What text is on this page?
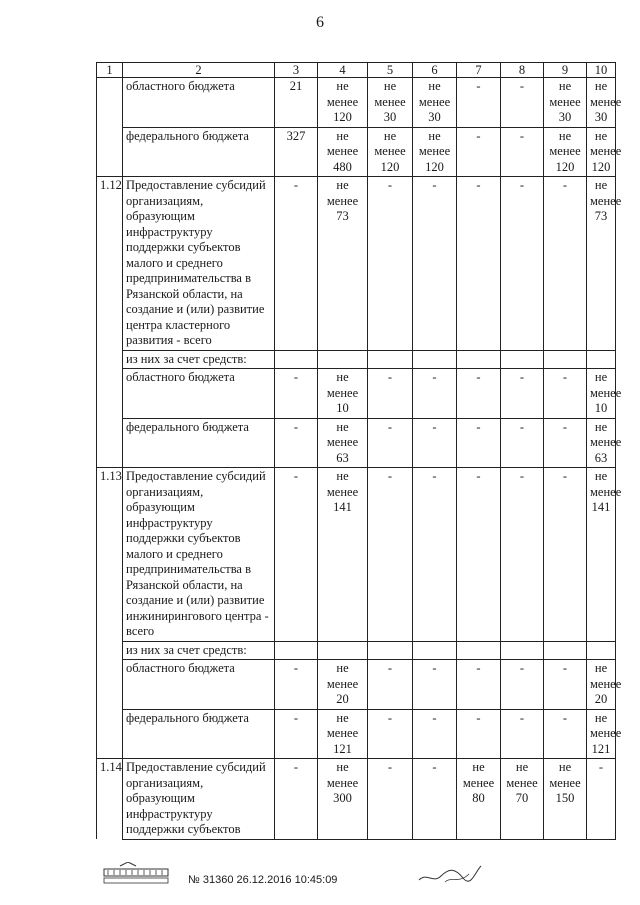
6
1	2	3	4	5	6	7	8	9	10
	областного бюджета	21	не менее 120	не менее 30	не менее 30	-	-	не менее 30	не менее 30
	федерального бюджета	327	не менее 480	не менее 120	не менее 120	-	-	не менее 120	не менее 120
1.12	Предоставление субсидий организациям, образующим инфраструктуру поддержки субъектов малого и среднего предпринимательства в Рязанской области, на создание и (или) развитие центра кластерного развития - всего	-	не менее 73	-	-	-	-	-	не менее 73
	из них за счет средств:								
	областного бюджета	-	не менее 10	-	-	-	-	-	не менее 10
	федерального бюджета	-	не менее 63	-	-	-	-	-	не менее 63
1.13	Предоставление субсидий организациям, образующим инфраструктуру поддержки субъектов малого и среднего предпринимательства в Рязанской области, на создание и (или) развитие инжинирингового центра - всего	-	не менее 141	-	-	-	-	-	не менее 141
	из них за счет средств:								
	областного бюджета	-	не менее 20	-	-	-	-	-	не менее 20
	федерального бюджета	-	не менее 121	-	-	-	-	-	не менее 121
1.14	Предоставление субсидий организациям, образующим инфраструктуру поддержки субъектов	-	не менее 300	-	-	не менее 80	не менее 70	не менее 150	-
№ 31360 26.12.2016 10:45:09
